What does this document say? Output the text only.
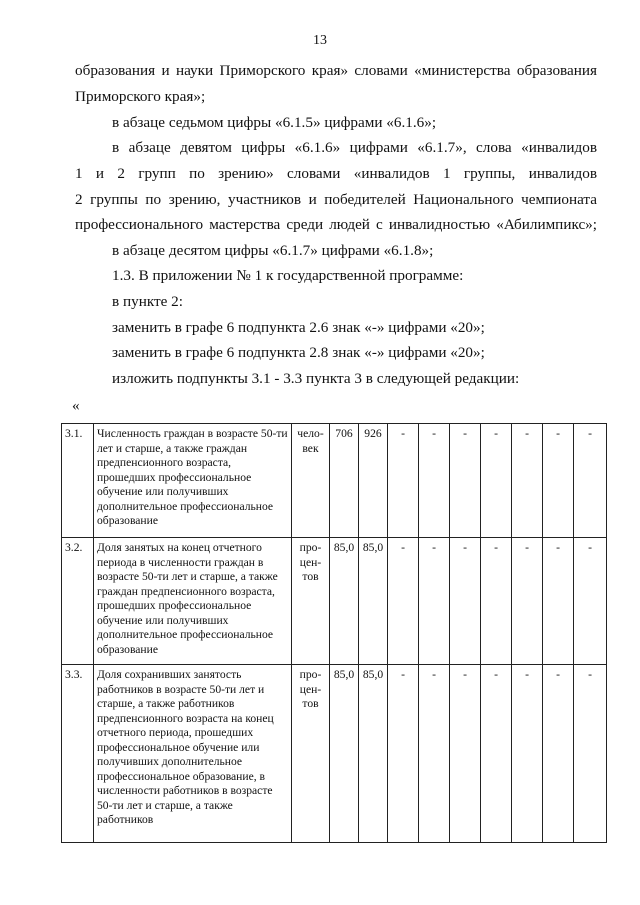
13
образования и науки Приморского края» словами «министерства образования
Приморского края»;
в абзаце седьмом цифры «6.1.5» цифрами «6.1.6»;
в абзаце девятом цифры «6.1.6» цифрами «6.1.7», слова «инвалидов
1 и 2 групп по зрению» словами «инвалидов 1 группы, инвалидов
2 группы по зрению, участников и победителей Национального чемпионата
профессионального мастерства среди людей с инвалидностью «Абилимпикс»;
в абзаце десятом цифры «6.1.7» цифрами «6.1.8»;
1.3. В приложении № 1 к государственной программе:
в пункте 2:
заменить в графе 6 подпункта 2.6 знак «-» цифрами «20»;
заменить в графе 6 подпункта 2.8 знак «-» цифрами «20»;
изложить подпункты 3.1 - 3.3 пункта 3 в следующей редакции:
«
3.1.	Численность граждан в возрасте 50-ти лет и старше, а также граждан предпенсионного возраста, прошедших профессиональное обучение или получивших дополнительное профессиональное образование	чело-век	706	926	-	-	-	-	-	-	-
3.2.	Доля занятых на конец отчетного периода в численности граждан в возрасте 50-ти лет и старше, а также граждан предпенсионного возраста, прошедших профессиональное обучение или получивших дополнительное профессиональное образование	про-цен-тов	85,0	85,0	-	-	-	-	-	-	-
3.3.	Доля сохранивших занятость работников в возрасте 50-ти лет и старше, а также работников предпенсионного возраста на конец отчетного периода, прошедших профессиональное обучение или получивших дополнительное профессиональное образование, в численности работников в возрасте 50-ти лет и старше, а также работников	про-цен-тов	85,0	85,0	-	-	-	-	-	-	-
